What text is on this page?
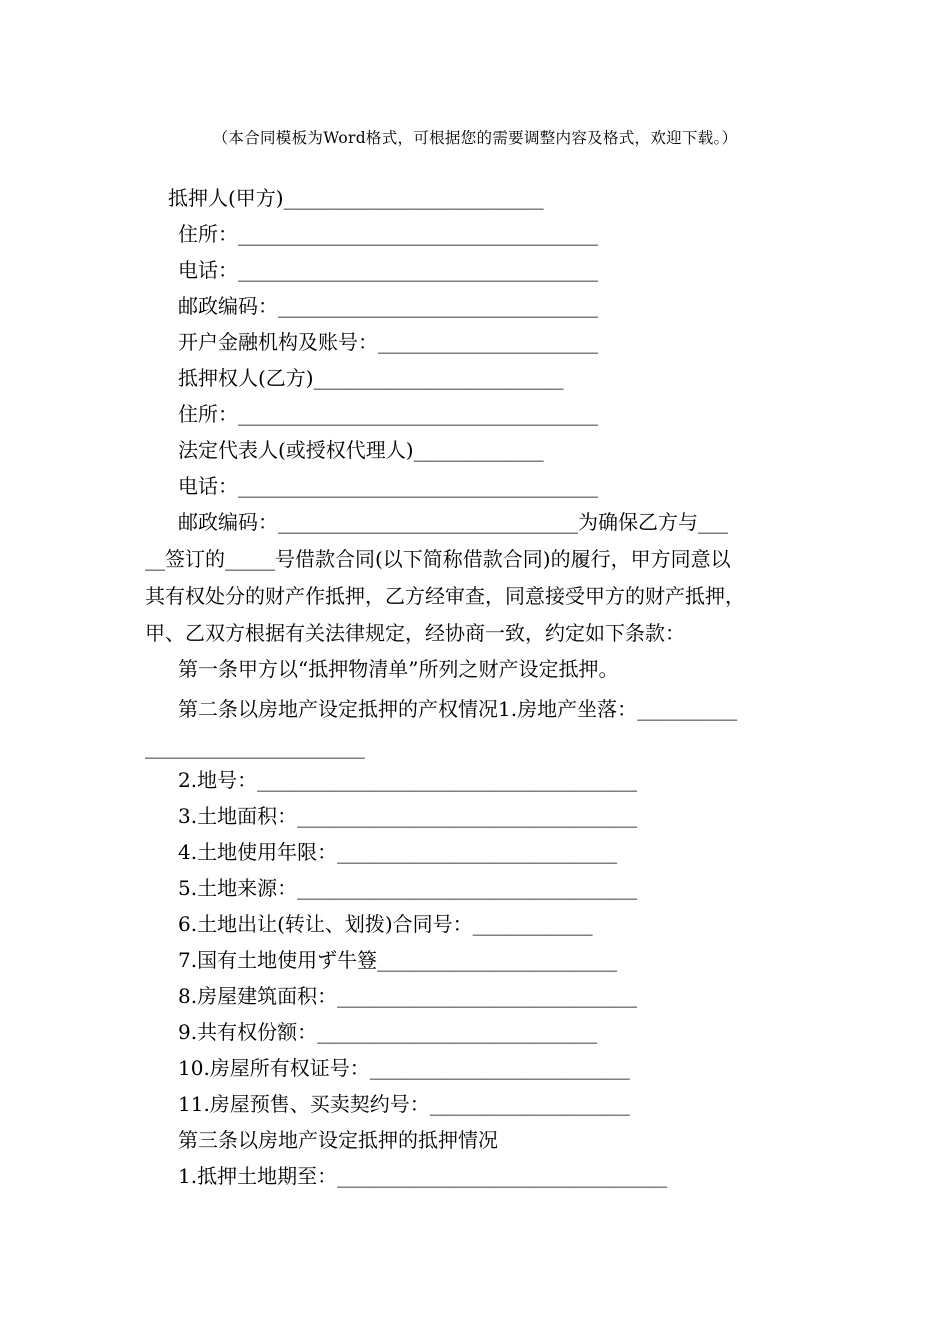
（本合同模板为Word格式，可根据您的需要调整内容及格式，欢迎下载。）
抵押人(甲方)__________________________
住所：____________________________________
电话：____________________________________
邮政编码：________________________________
开户金融机构及账号：______________________
抵押权人(乙方)_________________________
住所：____________________________________
法定代表人(或授权代理人)_____________
电话：____________________________________
邮政编码：______________________________为确保乙方与___
__签订的_____号借款合同(以下简称借款合同)的履行，甲方同意以
其有权处分的财产作抵押，乙方经审查，同意接受甲方的财产抵押，
甲、乙双方根据有关法律规定，经协商一致，约定如下条款：
第一条甲方以“抵押物清单”所列之财产设定抵押。
第二条以房地产设定抵押的产权情况1.房地产坐落：__________
______________________
2.地号：______________________________________
3.土地面积：__________________________________
4.土地使用年限：____________________________
5.土地来源：__________________________________
6.土地出让(转让、划拨)合同号：____________
7.国有土地使用ず牛簦________________________
8.房屋建筑面积：______________________________
9.共有权份额：____________________________
10.房屋所有权证号：__________________________
11.房屋预售、买卖契约号：____________________
第三条以房地产设定抵押的抵押情况
1.抵押土地期至：_________________________________
